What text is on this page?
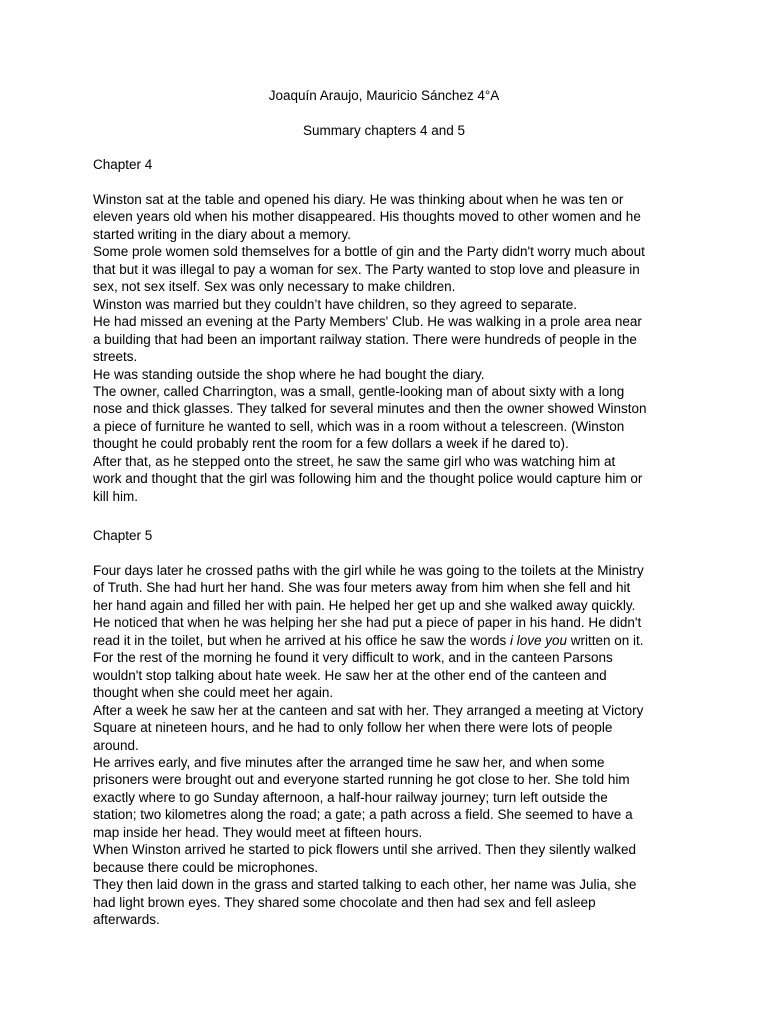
Joaquín Araujo, Mauricio Sánchez 4°A
Summary chapters 4 and 5
Chapter 4
Winston sat at the table and opened his diary. He was thinking about when he was ten or
eleven years old when his mother disappeared. His thoughts moved to other women and he
started writing in the diary about a memory.
Some prole women sold themselves for a bottle of gin and the Party didn't worry much about
that but it was illegal to pay a woman for sex. The Party wanted to stop love and pleasure in
sex, not sex itself. Sex was only necessary to make children.
Winston was married but they couldn’t have children, so they agreed to separate.
He had missed an evening at the Party Members' Club. He was walking in a prole area near
a building that had been an important railway station. There were hundreds of people in the
streets.
He was standing outside the shop where he had bought the diary.
The owner, called Charrington, was a small, gentle-looking man of about sixty with a long
nose and thick glasses. They talked for several minutes and then the owner showed Winston
a piece of furniture he wanted to sell, which was in a room without a telescreen. (Winston
thought he could probably rent the room for a few dollars a week if he dared to).
After that, as he stepped onto the street, he saw the same girl who was watching him at
work and thought that the girl was following him and the thought police would capture him or
kill him.
Chapter 5
Four days later he crossed paths with the girl while he was going to the toilets at the Ministry
of Truth. She had hurt her hand. She was four meters away from him when she fell and hit
her hand again and filled her with pain. He helped her get up and she walked away quickly.
He noticed that when he was helping her she had put a piece of paper in his hand. He didn't
read it in the toilet, but when he arrived at his office he saw the words i love you written on it.
For the rest of the morning he found it very difficult to work, and in the canteen Parsons
wouldn't stop talking about hate week. He saw her at the other end of the canteen and
thought when she could meet her again.
After a week he saw her at the canteen and sat with her. They arranged a meeting at Victory
Square at nineteen hours, and he had to only follow her when there were lots of people
around.
He arrives early, and five minutes after the arranged time he saw her, and when some
prisoners were brought out and everyone started running he got close to her. She told him
exactly where to go Sunday afternoon, a half-hour railway journey; turn left outside the
station; two kilometres along the road; a gate; a path across a field. She seemed to have a
map inside her head. They would meet at fifteen hours.
When Winston arrived he started to pick flowers until she arrived. Then they silently walked
because there could be microphones.
They then laid down in the grass and started talking to each other, her name was Julia, she
had light brown eyes. They shared some chocolate and then had sex and fell asleep
afterwards.
